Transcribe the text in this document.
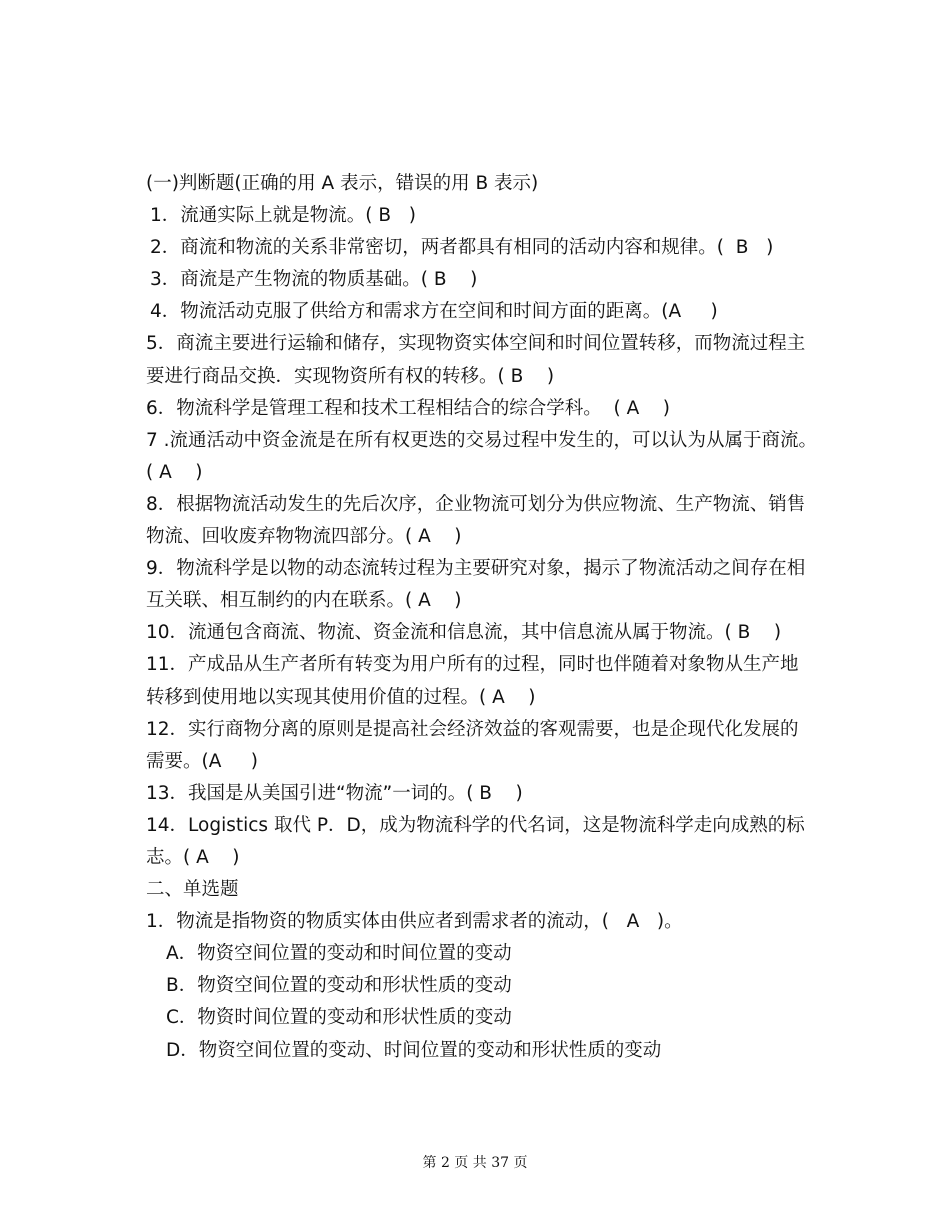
(一)判断题(正确的用 A 表示，错误的用 B 表示)

1．流通实际上就是物流。( B   )

2．商流和物流的关系非常密切，两者都具有相同的活动内容和规律。(  B   )

3．商流是产生物流的物质基础。( B    )

4．物流活动克服了供给方和需求方在空间和时间方面的距离。(A     )

5．商流主要进行运输和储存，实现物资实体空间和时间位置转移，而物流过程主

要进行商品交换．实现物资所有权的转移。( B    )

6．物流科学是管理工程和技术工程相结合的综合学科。  ( A    )

7 .流通活动中资金流是在所有权更迭的交易过程中发生的，可以认为从属于商流。

( A    )

8．根据物流活动发生的先后次序，企业物流可划分为供应物流、生产物流、销售

物流、回收废弃物物流四部分。( A    )

9．物流科学是以物的动态流转过程为主要研究对象，揭示了物流活动之间存在相

互关联、相互制约的内在联系。( A    )

10．流通包含商流、物流、资金流和信息流，其中信息流从属于物流。( B    )

11．产成品从生产者所有转变为用户所有的过程，同时也伴随着对象物从生产地

转移到使用地以实现其使用价值的过程。( A    )

12．实行商物分离的原则是提高社会经济效益的客观需要，也是企现代化发展的

需要。(A     )

13．我国是从美国引进“物流”一词的。( B    )

14．Logistics 取代 P．D，成为物流科学的代名词，这是物流科学走向成熟的标

志。( A    )

二、单选题

1．物流是指物资的物质实体由供应者到需求者的流动，(   A   )。

A．物资空间位置的变动和时间位置的变动

B．物资空间位置的变动和形状性质的变动

C．物资时间位置的变动和形状性质的变动

D．物资空间位置的变动、时间位置的变动和形状性质的变动

第 2 页 共 37 页
